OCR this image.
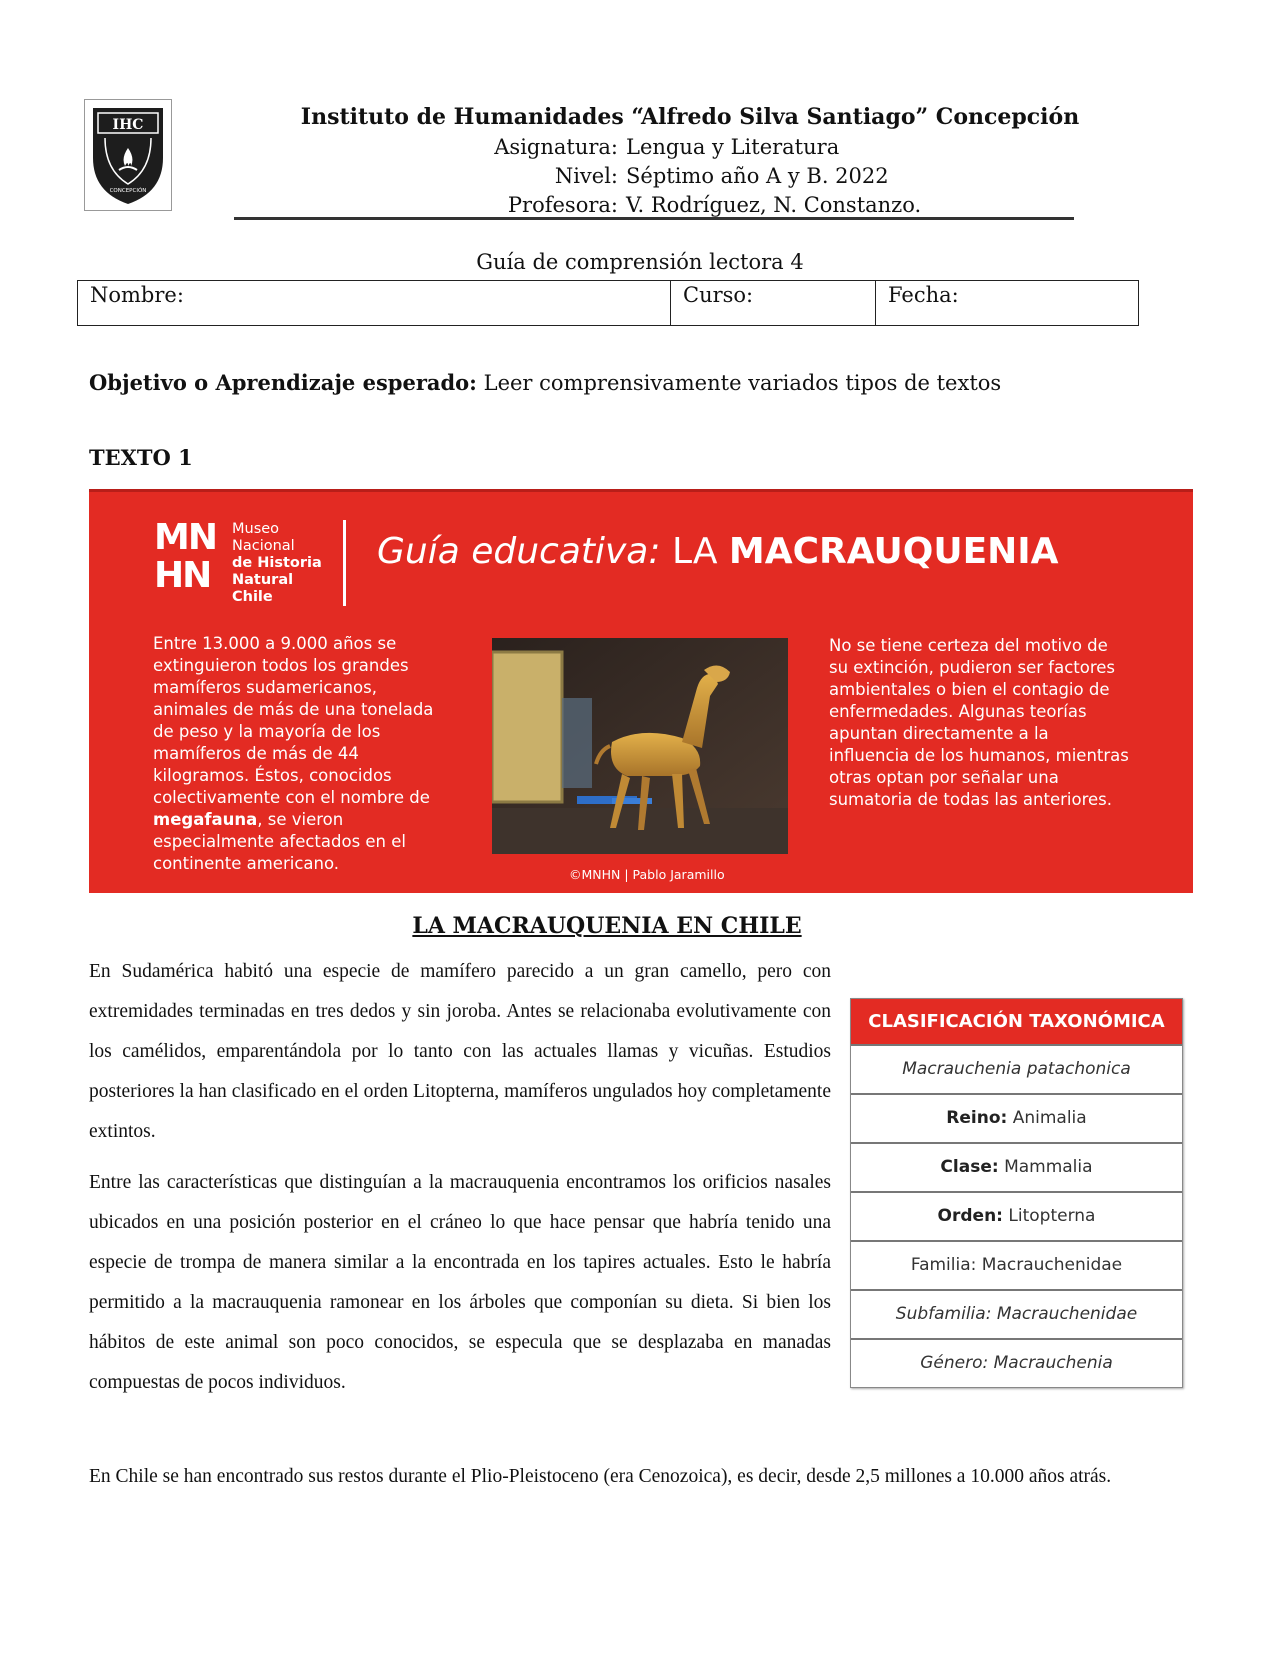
IHC
CONCEPCIÓN
Instituto de Humanidades “Alfredo Silva Santiago” Concepción
Asignatura: Lengua y Literatura
Nivel: Séptimo año A y B. 2022
Profesora: V. Rodríguez, N. Constanzo.
Guía de comprensión lectora 4
Nombre:	Curso:	Fecha:
Objetivo o Aprendizaje esperado: Leer comprensivamente variados tipos de textos
TEXTO 1
MN
HN
Museo
Nacional
de Historia
Natural
Chile
Guía educativa: LA MACRAUQUENIA
Entre 13.000 a 9.000 años se extinguieron todos los grandes mamíferos sudamericanos, animales de más de una tonelada de peso y la mayoría de los mamíferos de más de 44 kilogramos. Éstos, conocidos colectivamente con el nombre de megafauna, se vieron especialmente afectados en el continente americano.
No se tiene certeza del motivo de su extinción, pudieron ser factores ambientales o bien el contagio de enfermedades. Algunas teorías apuntan directamente a la influencia de los humanos, mientras otras optan por señalar una sumatoria de todas las anteriores.
©MNHN | Pablo Jaramillo
LA MACRAUQUENIA EN CHILE
En Sudamérica habitó una especie de mamífero parecido a un gran camello, pero con extremidades terminadas en tres dedos y sin joroba. Antes se relacionaba evolutivamente con los camélidos, emparentándola por lo tanto con las actuales llamas y vicuñas. Estudios posteriores la han clasificado en el orden Litopterna, mamíferos ungulados hoy completamente extintos.
Entre las características que distinguían a la macrauquenia encontramos los orificios nasales ubicados en una posición posterior en el cráneo lo que hace pensar que habría tenido una especie de trompa de manera similar a la encontrada en los tapires actuales. Esto le habría permitido a la macrauquenia ramonear en los árboles que componían su dieta. Si bien los hábitos de este animal son poco conocidos, se especula que se desplazaba en manadas compuestas de pocos individuos.
En Chile se han encontrado sus restos durante el Plio-Pleistoceno (era Cenozoica), es decir, desde 2,5 millones a 10.000 años atrás.
CLASIFICACIÓN TAXONÓMICA
Macrauchenia patachonica
Reino: Animalia
Clase: Mammalia
Orden: Litopterna
Familia: Macrauchenidae
Subfamilia: Macrauchenidae
Género: Macrauchenia
